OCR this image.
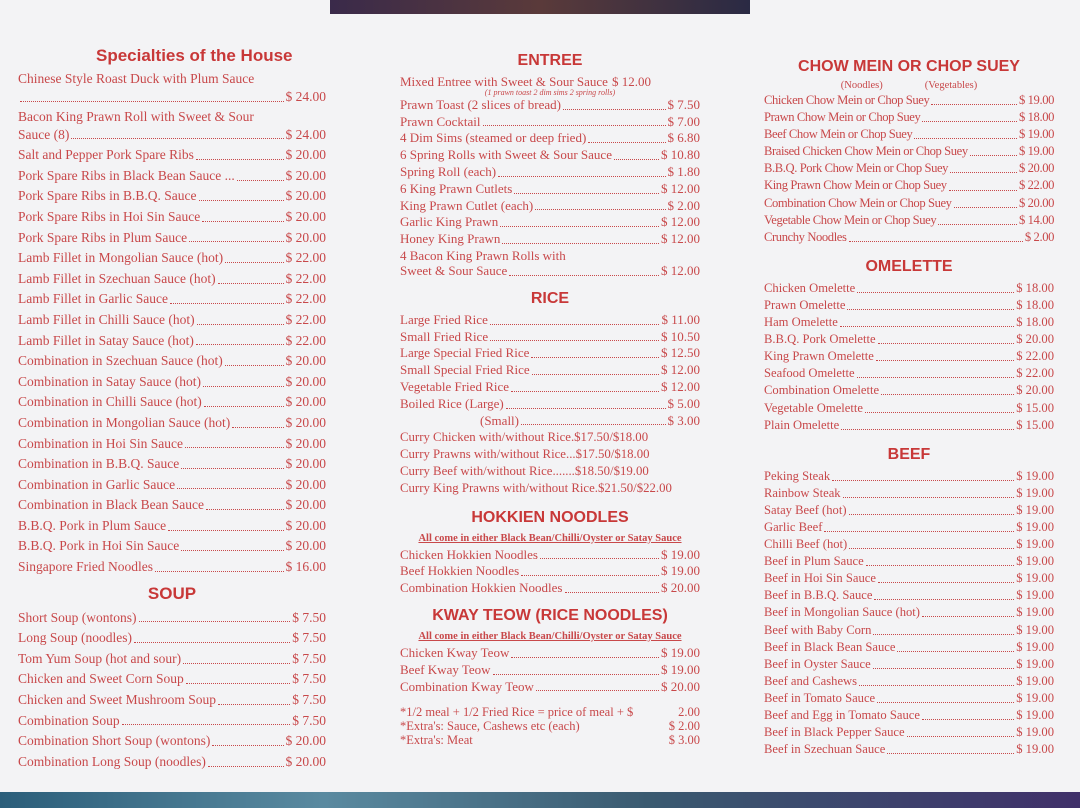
Specialties of the House
Chinese Style Roast Duck with Plum Sauce
$ 24.00
Bacon King Prawn Roll with Sweet & Sour
Sauce (8)	$ 24.00
Salt and Pepper Pork Spare Ribs	$ 20.00
Pork Spare Ribs in Black Bean Sauce ...	$ 20.00
Pork Spare Ribs in B.B.Q. Sauce	$ 20.00
Pork Spare Ribs in Hoi Sin Sauce	$ 20.00
Pork Spare Ribs in Plum Sauce	$ 20.00
Lamb Fillet in Mongolian Sauce (hot)	$ 22.00
Lamb Fillet in Szechuan Sauce (hot)	$ 22.00
Lamb Fillet in Garlic Sauce	$ 22.00
Lamb Fillet in Chilli Sauce (hot)	$ 22.00
Lamb Fillet in Satay Sauce (hot)	$ 22.00
Combination in Szechuan Sauce (hot)	$ 20.00
Combination in Satay Sauce (hot)	$ 20.00
Combination in Chilli Sauce (hot)	$ 20.00
Combination in Mongolian Sauce (hot)	$ 20.00
Combination in Hoi Sin Sauce	$ 20.00
Combination in B.B.Q. Sauce	$ 20.00
Combination in Garlic Sauce	$ 20.00
Combination in Black Bean Sauce	$ 20.00
B.B.Q. Pork in Plum Sauce	$ 20.00
B.B.Q. Pork in Hoi Sin Sauce	$ 20.00
Singapore Fried Noodles	$ 16.00
SOUP
Short Soup (wontons)	$ 7.50
Long Soup (noodles)	$ 7.50
Tom Yum Soup (hot and sour)	$ 7.50
Chicken and Sweet Corn Soup	$ 7.50
Chicken and Sweet Mushroom Soup	$ 7.50
Combination Soup	$ 7.50
Combination Short Soup (wontons)	$ 20.00
Combination Long Soup (noodles)	$ 20.00
ENTREE
Mixed Entree with Sweet & Sour Sauce $ 12.00
(1 prawn toast 2 dim sims 2 spring rolls)
Prawn Toast (2 slices of bread)	$ 7.50
Prawn Cocktail	$ 7.00
4 Dim Sims (steamed or deep fried)	$ 6.80
6 Spring Rolls with Sweet & Sour Sauce	$ 10.80
Spring Roll (each)	$ 1.80
6 King Prawn Cutlets	$ 12.00
King Prawn Cutlet (each)	$ 2.00
Garlic King Prawn	$ 12.00
Honey King Prawn	$ 12.00
4 Bacon King Prawn Rolls with
Sweet & Sour Sauce	$ 12.00
RICE
Large Fried Rice	$ 11.00
Small Fried Rice	$ 10.50
Large Special Fried Rice	$ 12.50
Small Special Fried Rice	$ 12.00
Vegetable Fried Rice	$ 12.00
Boiled Rice (Large)	$ 5.00
(Small)	$ 3.00
Curry Chicken with/without Rice.$17.50/$18.00
Curry Prawns with/without Rice...$17.50/$18.00
Curry Beef with/without Rice.......$18.50/$19.00
Curry King Prawns with/without Rice.$21.50/$22.00
HOKKIEN NOODLES
All come in either Black Bean/Chilli/Oyster or Satay Sauce
Chicken Hokkien Noodles	$ 19.00
Beef Hokkien Noodles	$ 19.00
Combination Hokkien Noodles	$ 20.00
KWAY TEOW (RICE NOODLES)
All come in either Black Bean/Chilli/Oyster or Satay Sauce
Chicken Kway Teow	$ 19.00
Beef Kway Teow	$ 19.00
Combination Kway Teow	$ 20.00
*1/2 meal + 1/2 Fried Rice = price of meal + $	2.00
*Extra's: Sauce, Cashews etc (each)	$ 2.00
*Extra's: Meat	$ 3.00
CHOW MEIN OR CHOP SUEY
(Noodles)	(Vegetables)
Chicken Chow Mein or Chop Suey	$ 19.00
Prawn Chow Mein or Chop Suey	$ 18.00
Beef Chow Mein or Chop Suey	$ 19.00
Braised Chicken Chow Mein or Chop Suey	$ 19.00
B.B.Q. Pork Chow Mein or Chop Suey	$ 20.00
King Prawn Chow Mein or Chop Suey	$ 22.00
Combination Chow Mein or Chop Suey	$ 20.00
Vegetable Chow Mein or Chop Suey	$ 14.00
Crunchy Noodles	$ 2.00
OMELETTE
Chicken Omelette	$ 18.00
Prawn Omelette	$ 18.00
Ham Omelette	$ 18.00
B.B.Q. Pork Omelette	$ 20.00
King Prawn Omelette	$ 22.00
Seafood Omelette	$ 22.00
Combination Omelette	$ 20.00
Vegetable Omelette	$ 15.00
Plain Omelette	$ 15.00
BEEF
Peking Steak	$ 19.00
Rainbow Steak	$ 19.00
Satay Beef (hot)	$ 19.00
Garlic Beef	$ 19.00
Chilli Beef (hot)	$ 19.00
Beef in Plum Sauce	$ 19.00
Beef in Hoi Sin Sauce	$ 19.00
Beef in B.B.Q. Sauce	$ 19.00
Beef in Mongolian Sauce (hot)	$ 19.00
Beef with Baby Corn	$ 19.00
Beef in Black Bean Sauce	$ 19.00
Beef in Oyster Sauce	$ 19.00
Beef and Cashews	$ 19.00
Beef in Tomato Sauce	$ 19.00
Beef and Egg in Tomato Sauce	$ 19.00
Beef in Black Pepper Sauce	$ 19.00
Beef in Szechuan Sauce	$ 19.00
